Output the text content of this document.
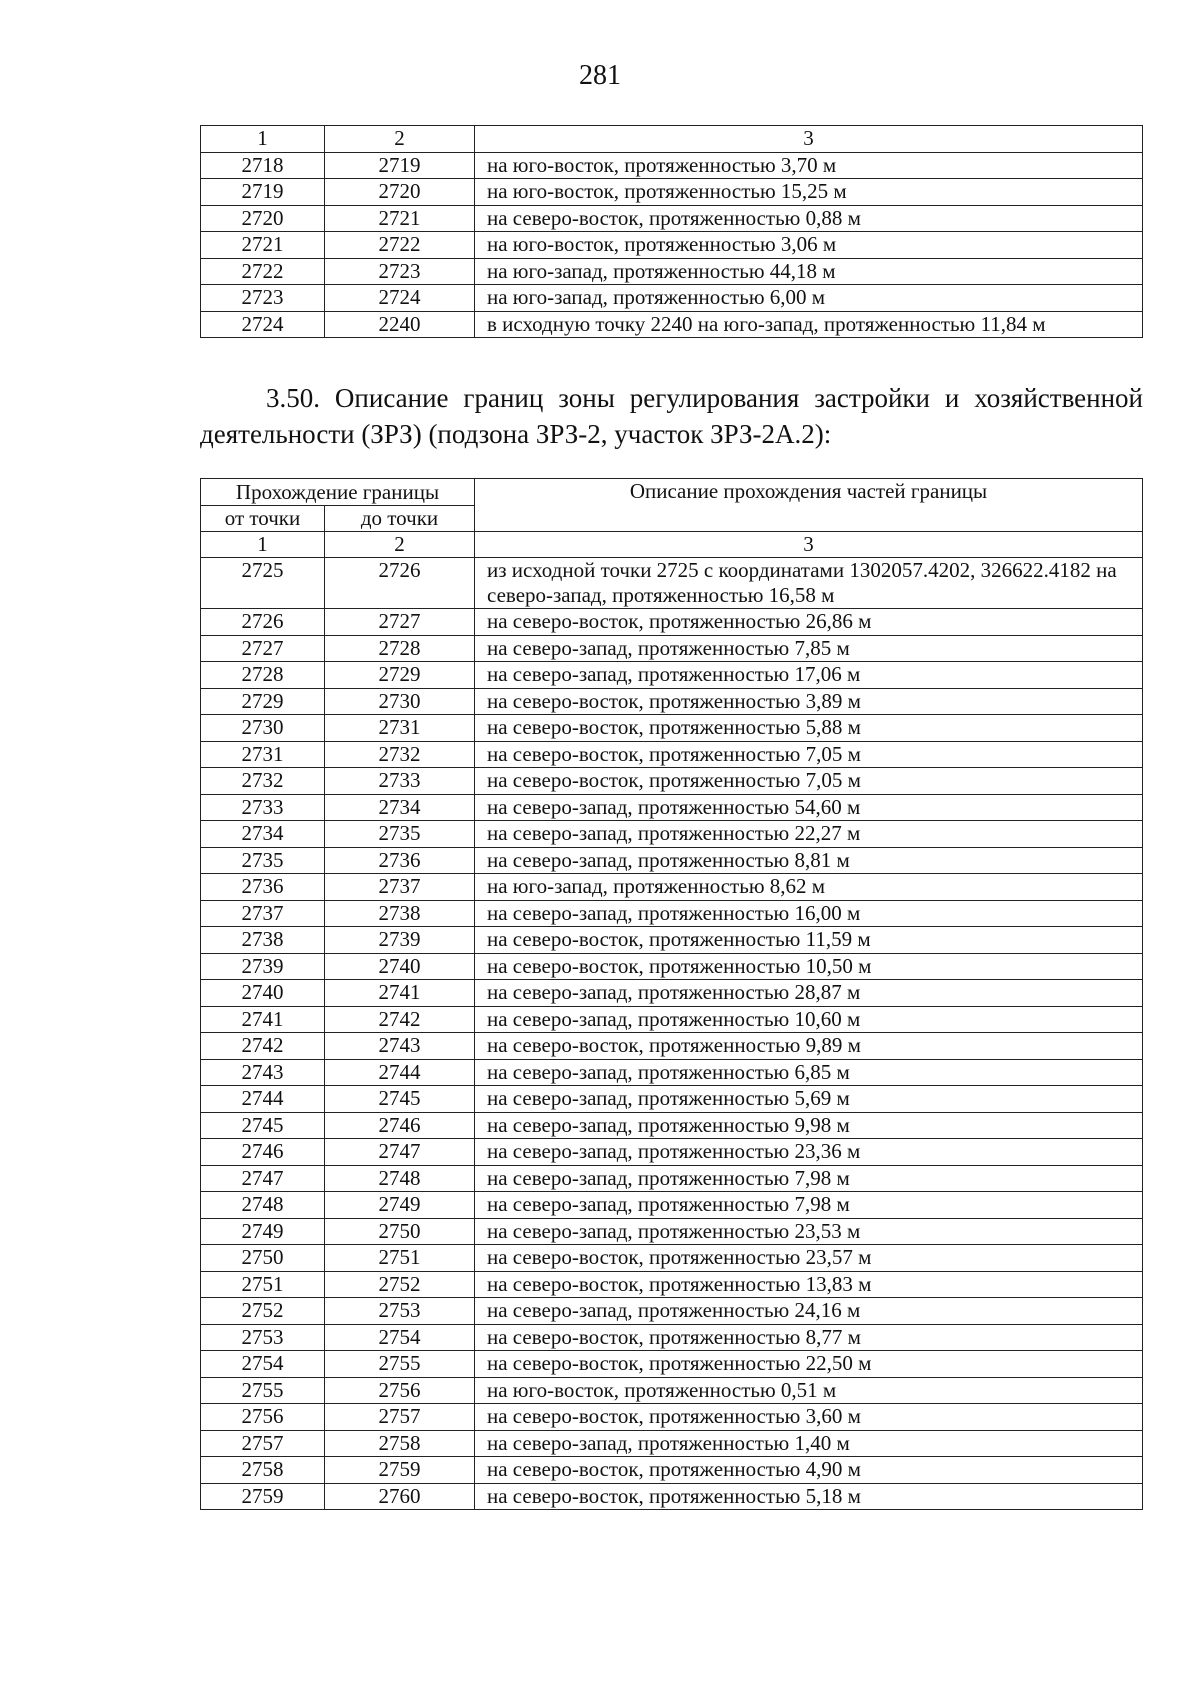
281
1	2	3
2718	2719	на юго-восток, протяженностью 3,70 м
2719	2720	на юго-восток, протяженностью 15,25 м
2720	2721	на северо-восток, протяженностью 0,88 м
2721	2722	на юго-восток, протяженностью 3,06 м
2722	2723	на юго-запад, протяженностью 44,18 м
2723	2724	на юго-запад, протяженностью 6,00 м
2724	2240	в исходную точку 2240 на юго-запад, протяженностью 11,84 м
3.50. Описание границ зоны регулирования застройки и хозяйственной деятельности (ЗРЗ) (подзона ЗРЗ-2, участок ЗРЗ-2А.2):
Прохождение границы		Описание прохождения частей границы
от точки	до точки	
1	2	3
2725	2726	из исходной точки 2725 с координатами 1302057.4202, 326622.4182 на северо-запад, протяженностью 16,58 м
2726	2727	на северо-восток, протяженностью 26,86 м
2727	2728	на северо-запад, протяженностью 7,85 м
2728	2729	на северо-запад, протяженностью 17,06 м
2729	2730	на северо-восток, протяженностью 3,89 м
2730	2731	на северо-восток, протяженностью 5,88 м
2731	2732	на северо-восток, протяженностью 7,05 м
2732	2733	на северо-восток, протяженностью 7,05 м
2733	2734	на северо-запад, протяженностью 54,60 м
2734	2735	на северо-запад, протяженностью 22,27 м
2735	2736	на северо-запад, протяженностью 8,81 м
2736	2737	на юго-запад, протяженностью 8,62 м
2737	2738	на северо-запад, протяженностью 16,00 м
2738	2739	на северо-восток, протяженностью 11,59 м
2739	2740	на северо-восток, протяженностью 10,50 м
2740	2741	на северо-запад, протяженностью 28,87 м
2741	2742	на северо-запад, протяженностью 10,60 м
2742	2743	на северо-восток, протяженностью 9,89 м
2743	2744	на северо-запад, протяженностью 6,85 м
2744	2745	на северо-запад, протяженностью 5,69 м
2745	2746	на северо-запад, протяженностью 9,98 м
2746	2747	на северо-запад, протяженностью 23,36 м
2747	2748	на северо-запад, протяженностью 7,98 м
2748	2749	на северо-запад, протяженностью 7,98 м
2749	2750	на северо-запад, протяженностью 23,53 м
2750	2751	на северо-восток, протяженностью 23,57 м
2751	2752	на северо-восток, протяженностью 13,83 м
2752	2753	на северо-запад, протяженностью 24,16 м
2753	2754	на северо-восток, протяженностью 8,77 м
2754	2755	на северо-восток, протяженностью 22,50 м
2755	2756	на юго-восток, протяженностью 0,51 м
2756	2757	на северо-восток, протяженностью 3,60 м
2757	2758	на северо-запад, протяженностью 1,40 м
2758	2759	на северо-восток, протяженностью 4,90 м
2759	2760	на северо-восток, протяженностью 5,18 м
